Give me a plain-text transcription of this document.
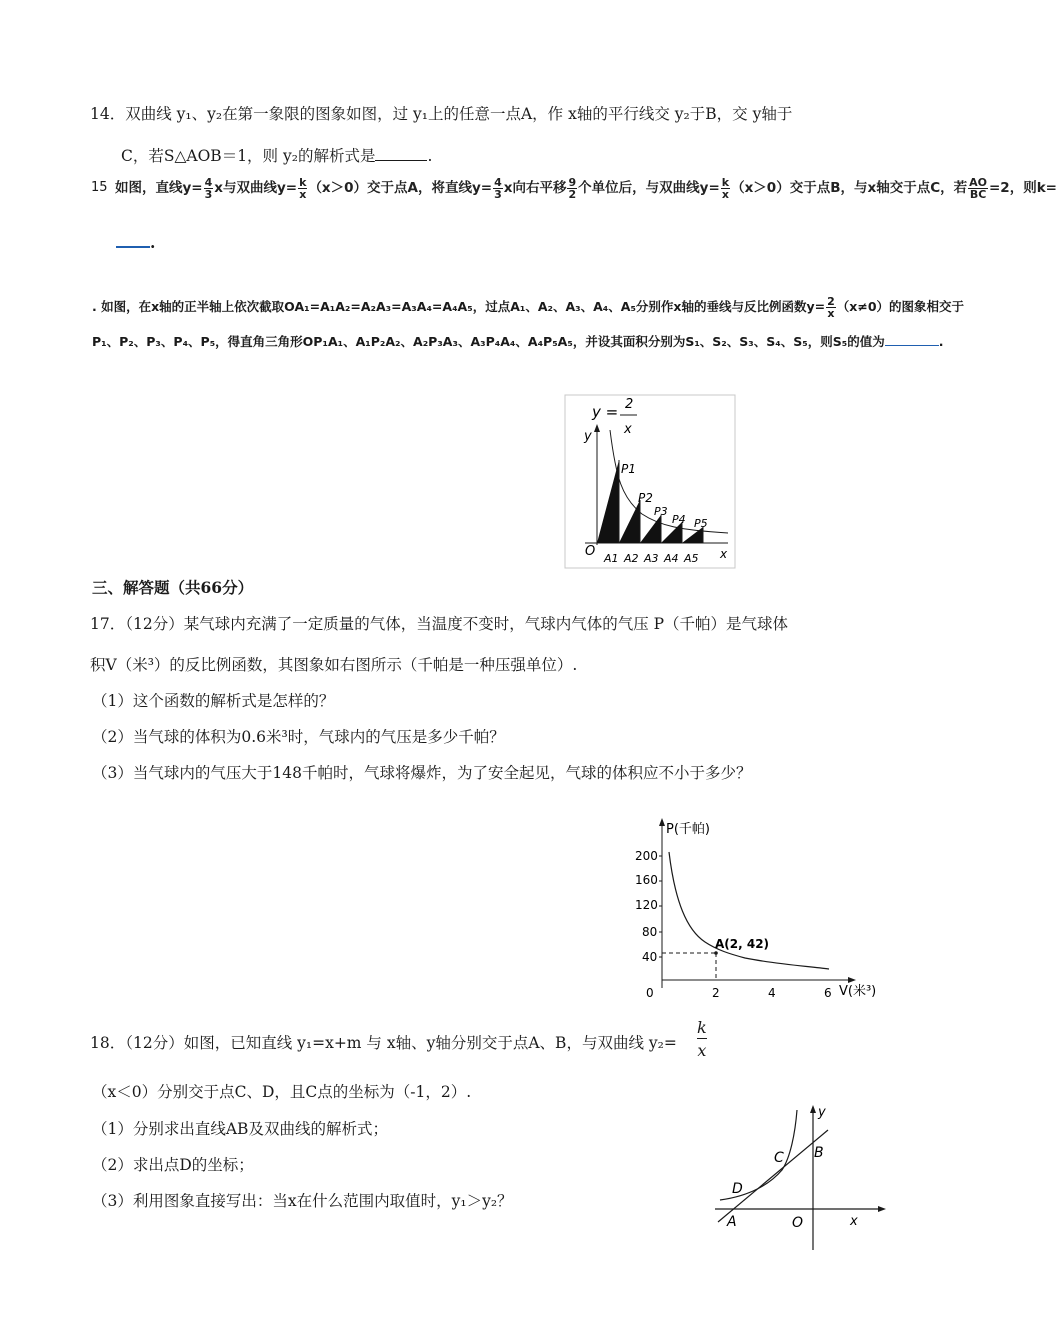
14．双曲线 y₁、y₂在第一象限的图象如图，过 y₁上的任意一点A，作 x轴的平行线交 y₂于B，交 y轴于
C，若S△AOB＝1，则 y₂的解析式是	.
15 如图，直线$y= \frac{4}{3}$ x与双曲线$y= \frac{k}{x} (x>0)$交于点A，将直线$y= \frac{4}{3}$ x向右平移 $\frac{9}{2}$ 个单位后，与双曲线$y= \frac{k}{x} (x>0)$交于点B，与x轴交于点C，若 $\frac{AO}{BC} =2$，则k=
.
. 如图，在x轴的正半轴上依次截取OA₁=A₁A₂=A₂A₃=A₃A₄=A₄A₅，过点A₁、A₂、A₃、A₄、A₅分别作x轴的垂线与反比例函数$y= \frac{2}{x} (x\ne 0)$的图象相交于
P₁、P₂、P₃、P₄、P₅，得直角三角形OP₁A₁、A₁P₂A₂、A₂P₃A₃、A₃P₄A₄、A₄P₅A₅，并设其面积分别为S₁、S₂、S₃、S₄、S₅，则S₅的值为	.
y = 2
x
y
P1
P2
P3
P4 P5
O	x
A1 A2 A3 A4 A5
三、解答题（共66分）
17．（12分）某气球内充满了一定质量的气体，当温度不变时，气球内气体的气压 P（千帕）是气球体
积V（米³）的反比例函数，其图象如右图所示（千帕是一种压强单位）.
（1）这个函数的解析式是怎样的？
（2）当气球的体积为0.6米³时，气球内的气压是多少千帕？
（3）当气球内的气压大于148千帕时，气球将爆炸，为了安全起见，气球的体积应不小于多少？
P(千帕)
V(米³)
200
160
120
80
40
0	2	4	6
A(2, 42)
18．（12分）如图，已知直线 y₁=x+m 与 x轴、y轴分别交于点A、B，与双曲线 $y_2= \frac{k}{x}$
（x＜0）分别交于点C、D，且C点的坐标为（-1，2）.
（1）分别求出直线AB及双曲线的解析式；
（2）求出点D的坐标；
（3）利用图象直接写出：当x在什么范围内取值时，y₁＞y₂？
y
x
O
C B
D
A
